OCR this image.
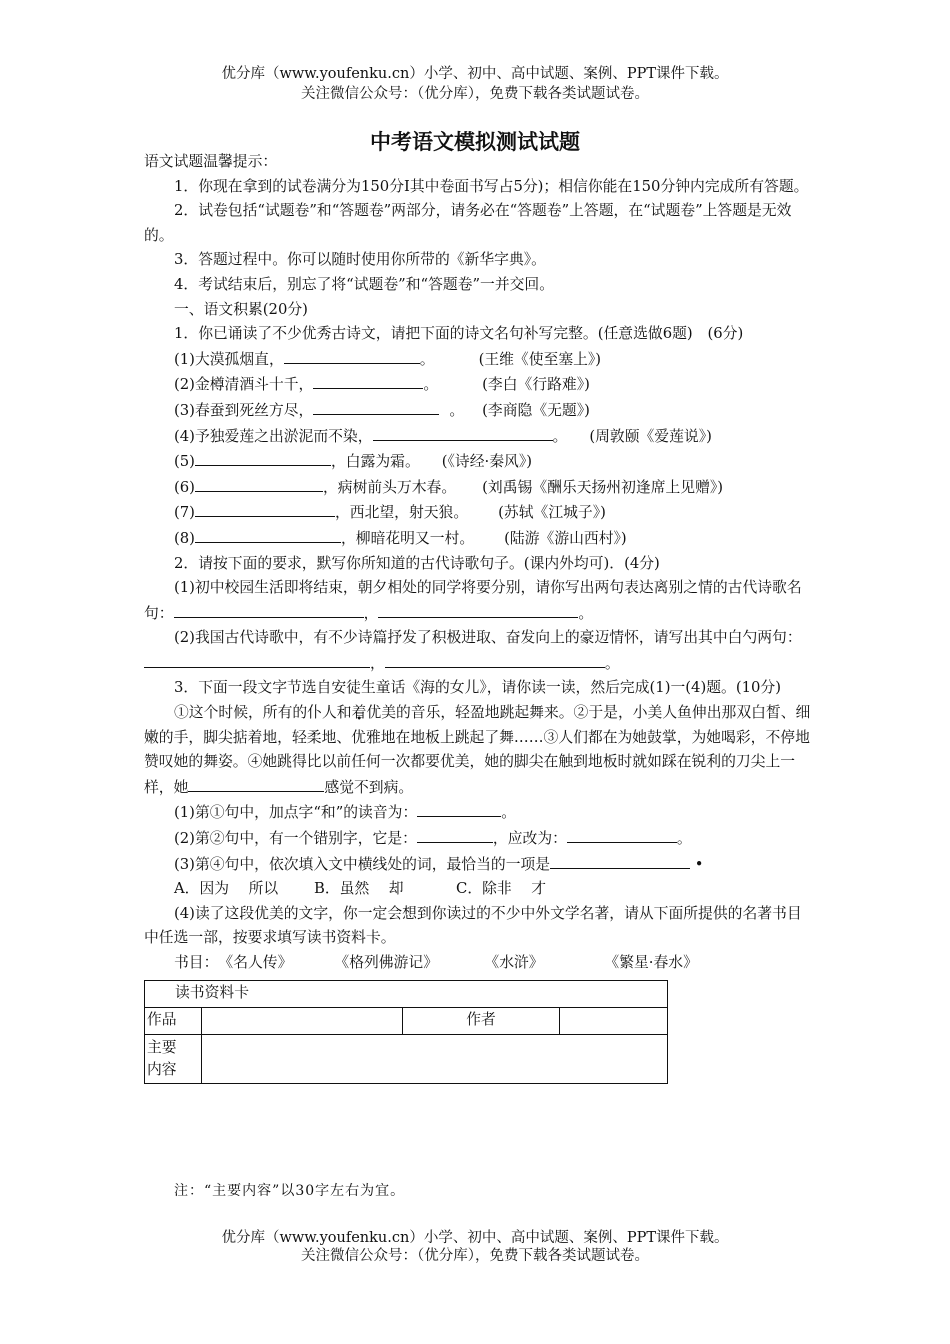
优分库（www.youfenku.cn）小学、初中、高中试题、案例、PPT课件下载。
关注微信公众号：（优分库），免费下载各类试题试卷。
中考语文模拟测试试题

语文试题温馨提示：

1．你现在拿到的试卷满分为150分Ⅰ其中卷面书写占5分)；相信你能在150分钟内完成所有答题。

2．试卷包括“试题卷”和“答题卷”两部分，请务必在“答题卷”上答题，在“试题卷”上答题是无效的。

3．答题过程中。你可以随时使用你所带的《新华字典》。

4．考试结束后，别忘了将“试题卷”和“答题卷”一并交回。

一、语文积累(20分)

1．你已诵读了不少优秀古诗文，请把下面的诗文名句补写完整。(任意选做6题)　(6分)

(1)大漠孤烟直，	。	(王维《使至塞上》)

(2)金樽清酒斗十千，	。	(李白《行路难》)

(3)春蚕到死丝方尽，	。 (李商隐《无题》)

(4)予独爱莲之出淤泥而不染，	。 (周敦颐《爱莲说》)

(5)	，白露为霜。 (《诗经·秦风》)

(6)	，病树前头万木春。 (刘禹锡《酬乐天扬州初逢席上见赠》)

(7)	，西北望，射天狼。 (苏轼《江城子》)

(8)	，柳暗花明又一村。 (陆游《游山西村》)

2．请按下面的要求，默写你所知道的古代诗歌句子。(课内外均可)．(4分)

(1)初中校园生活即将结束，朝夕相处的同学将要分别，请你写出两句表达离别之情的古代诗歌名句：	，	。

(2)我国古代诗歌中，有不少诗篇抒发了积极进取、奋发向上的豪迈情怀，请写出其中白勺两句：，	。

3．下面一段文字节选自安徒生童话《海的女儿》，请你读一读，然后完成(1)一(4)题。(10分)

①这个时候，所有的仆人和着优美的音乐，轻盈地跳起舞来。②于是，小美人鱼伸出那双白皙、细嫩的手，脚尖掂着地，轻柔地、优雅地在地板上跳起了舞……③人们都在为她鼓掌，为她喝彩，不停地赞叹她的舞姿。④她跳得比以前任何一次都要优美，她的脚尖在触到地板时就如踩在锐利的刀尖上一样，她	感觉不到病。

(1)第①句中，加点字“和”的读音为：	。

(2)第②句中，有一个错别字，它是：	，应改为：	。

(3)第④句中，依次填入文中横线处的词，最恰当的一项是	•

A．因为　 所以 B．虽然　 却	C．除非　 才

(4)读了这段优美的文字，你一定会想到你读过的不少中外文学名著，请从下面所提供的名著书目中任选一部，按要求填写读书资料卡。

书目：《名人传》	《格列佛游记》	《水浒》	《繁星·春水》

读书资料卡			
作品		作者	
主要
内容			
注：“主要内容”以30字左右为宜。
优分库（www.youfenku.cn）小学、初中、高中试题、案例、PPT课件下载。
关注微信公众号：（优分库），免费下载各类试题试卷。
